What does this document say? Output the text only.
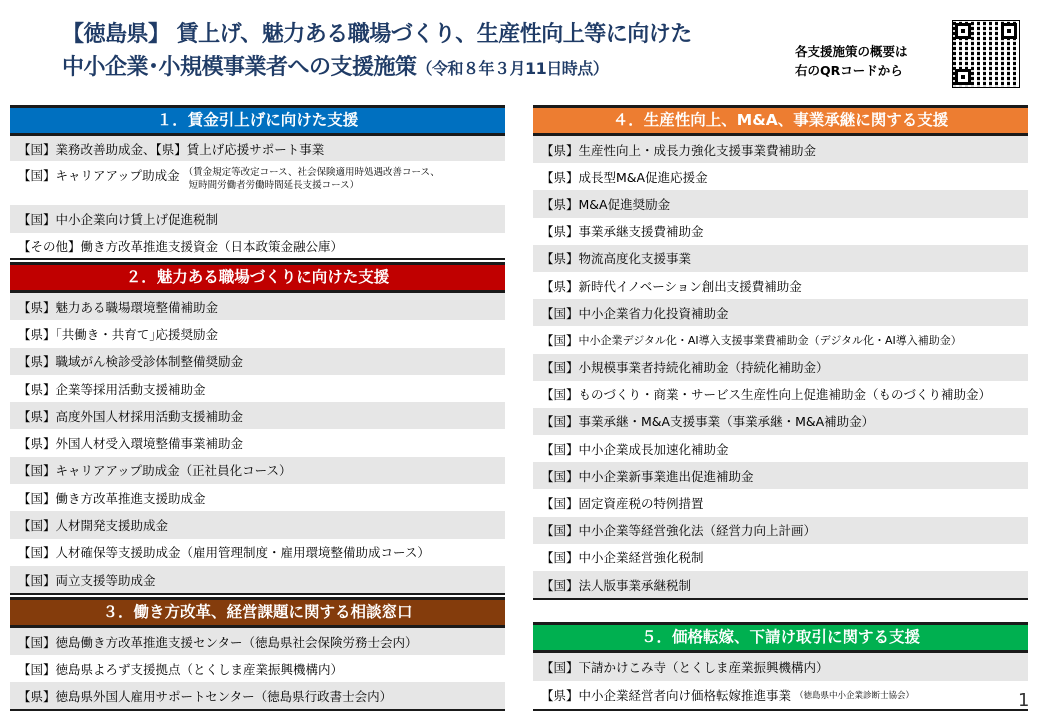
【徳島県】 賃上げ、魅力ある職場づくり、生産性向上等に向けた
中小企業･小規模事業者への支援施策（令和８年３月11日時点）
各支援施策の概要は
右のQRコードから
１．賃金引上げに向けた支援
【国】業務改善助成金、【県】賃上げ応援サポート事業
【国】キャリアアップ助成金 （賃金規定等改定コース、社会保険適用時処遇改善コース、
短時間労働者労働時間延長支援コース）
【国】中小企業向け賃上げ促進税制
【その他】働き方改革推進支援資金（日本政策金融公庫）
２．魅力ある職場づくりに向けた支援
【県】魅力ある職場環境整備補助金
【県】｢共働き・共育て｣応援奨励金
【県】職域がん検診受診体制整備奨励金
【県】企業等採用活動支援補助金
【県】高度外国人材採用活動支援補助金
【県】外国人材受入環境整備事業補助金
【国】キャリアアップ助成金（正社員化コース）
【国】働き方改革推進支援助成金
【国】人材開発支援助成金
【国】人材確保等支援助成金（雇用管理制度・雇用環境整備助成コース）
【国】両立支援等助成金
３．働き方改革、経営課題に関する相談窓口
【国】徳島働き方改革推進支援センター（徳島県社会保険労務士会内）
【国】徳島県よろず支援拠点（とくしま産業振興機構内）
【県】徳島県外国人雇用サポートセンター（徳島県行政書士会内）
４．生産性向上、M&A、事業承継に関する支援
【県】生産性向上・成長力強化支援事業費補助金
【県】成長型M&A促進応援金
【県】M&A促進奨励金
【県】事業承継支援費補助金
【県】物流高度化支援事業
【県】新時代イノベーション創出支援費補助金
【国】中小企業省力化投資補助金
【国】 中小企業デジタル化・AI導入支援事業費補助金（デジタル化・AI導入補助金）
【国】小規模事業者持続化補助金（持続化補助金）
【国】ものづくり・商業・サービス生産性向上促進補助金（ものづくり補助金）
【国】事業承継・M&A支援事業（事業承継・M&A補助金）
【国】中小企業成長加速化補助金
【国】中小企業新事業進出促進補助金
【国】固定資産税の特例措置
【国】中小企業等経営強化法（経営力向上計画）
【国】中小企業経営強化税制
【国】法人版事業承継税制
５．価格転嫁、下請け取引に関する支援
【国】下請かけこみ寺（とくしま産業振興機構内）
【県】中小企業経営者向け価格転嫁推進事業 （徳島県中小企業診断士協会）	1
